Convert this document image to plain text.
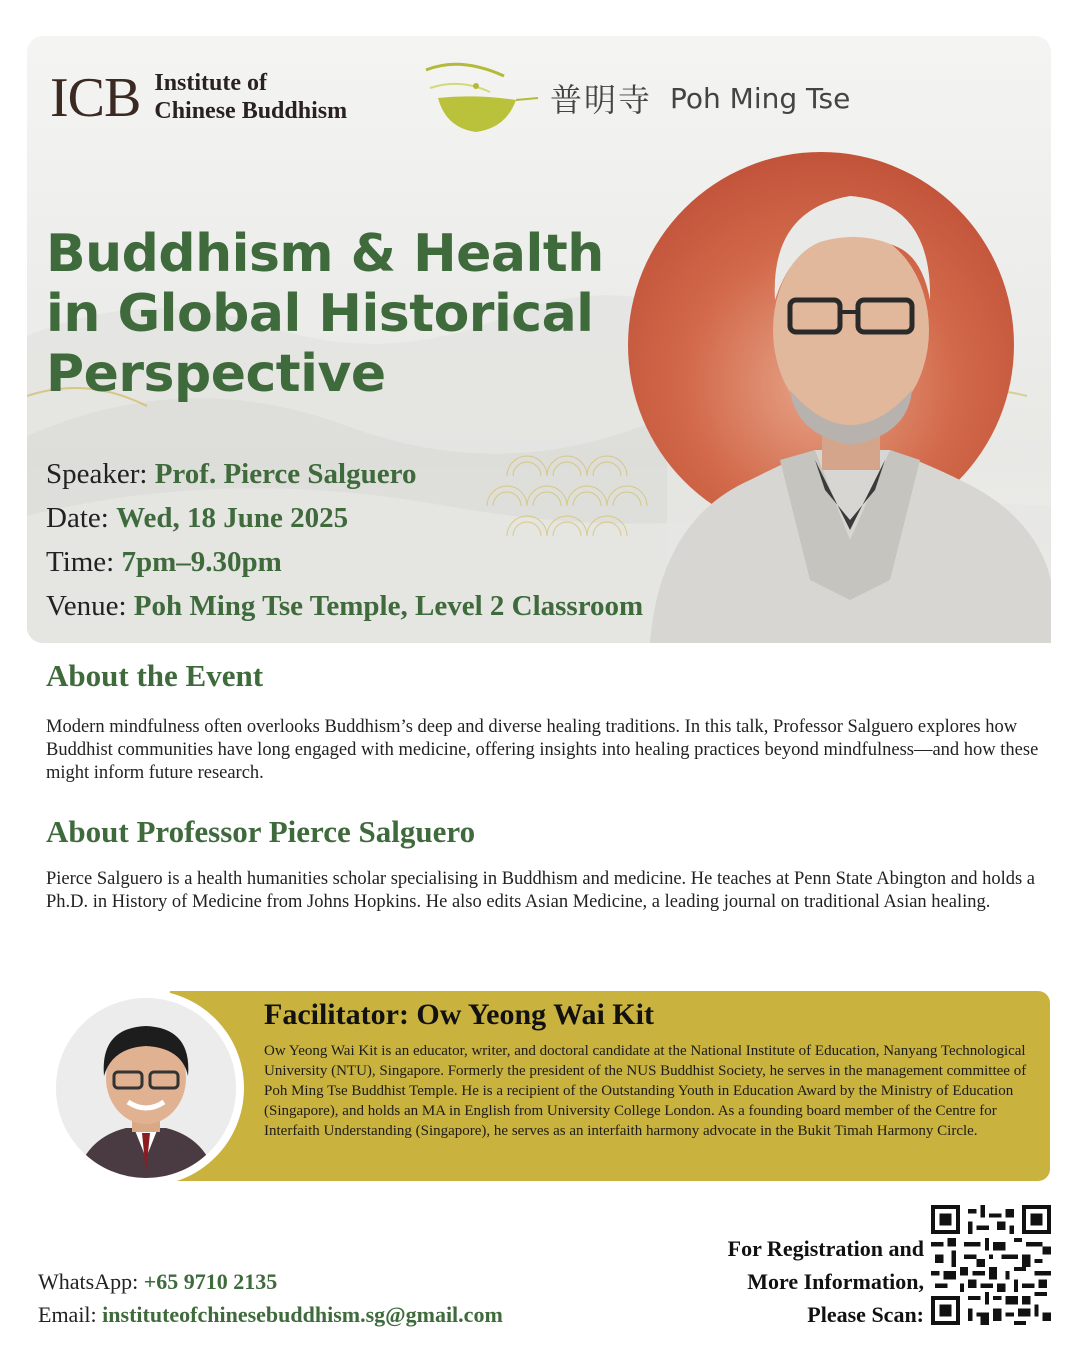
ICB Institute of
Chinese Buddhism	普明寺 Poh Ming Tse
Buddhism & Health
in Global Historical
Perspective
Speaker: Prof. Pierce Salguero
Date: Wed, 18 June 2025
Time: 7pm–9.30pm
Venue: Poh Ming Tse Temple, Level 2 Classroom
About the Event
Modern mindfulness often overlooks Buddhism’s deep and diverse healing traditions. In this talk, Professor Salguero explores how Buddhist communities have long engaged with medicine, offering insights into healing practices beyond mindfulness—and how these might inform future research.
About Professor Pierce Salguero
Pierce Salguero is a health humanities scholar specialising in Buddhism and medicine. He teaches at Penn State Abington and holds a Ph.D. in History of Medicine from Johns Hopkins. He also edits Asian Medicine, a leading journal on traditional Asian healing.
Facilitator: Ow Yeong Wai Kit
Ow Yeong Wai Kit is an educator, writer, and doctoral candidate at the National Institute of Education, Nanyang Technological University (NTU), Singapore. Formerly the president of the NUS Buddhist Society, he serves in the management committee of Poh Ming Tse Buddhist Temple. He is a recipient of the Outstanding Youth in Education Award by the Ministry of Education (Singapore), and holds an MA in English from University College London. As a founding board member of the Centre for Interfaith Understanding (Singapore), he serves as an interfaith harmony advocate in the Bukit Timah Harmony Circle.
WhatsApp: +65 9710 2135
Email: instituteofchinesebuddhism.sg@gmail.com
For Registration and
More Information,
Please Scan:
